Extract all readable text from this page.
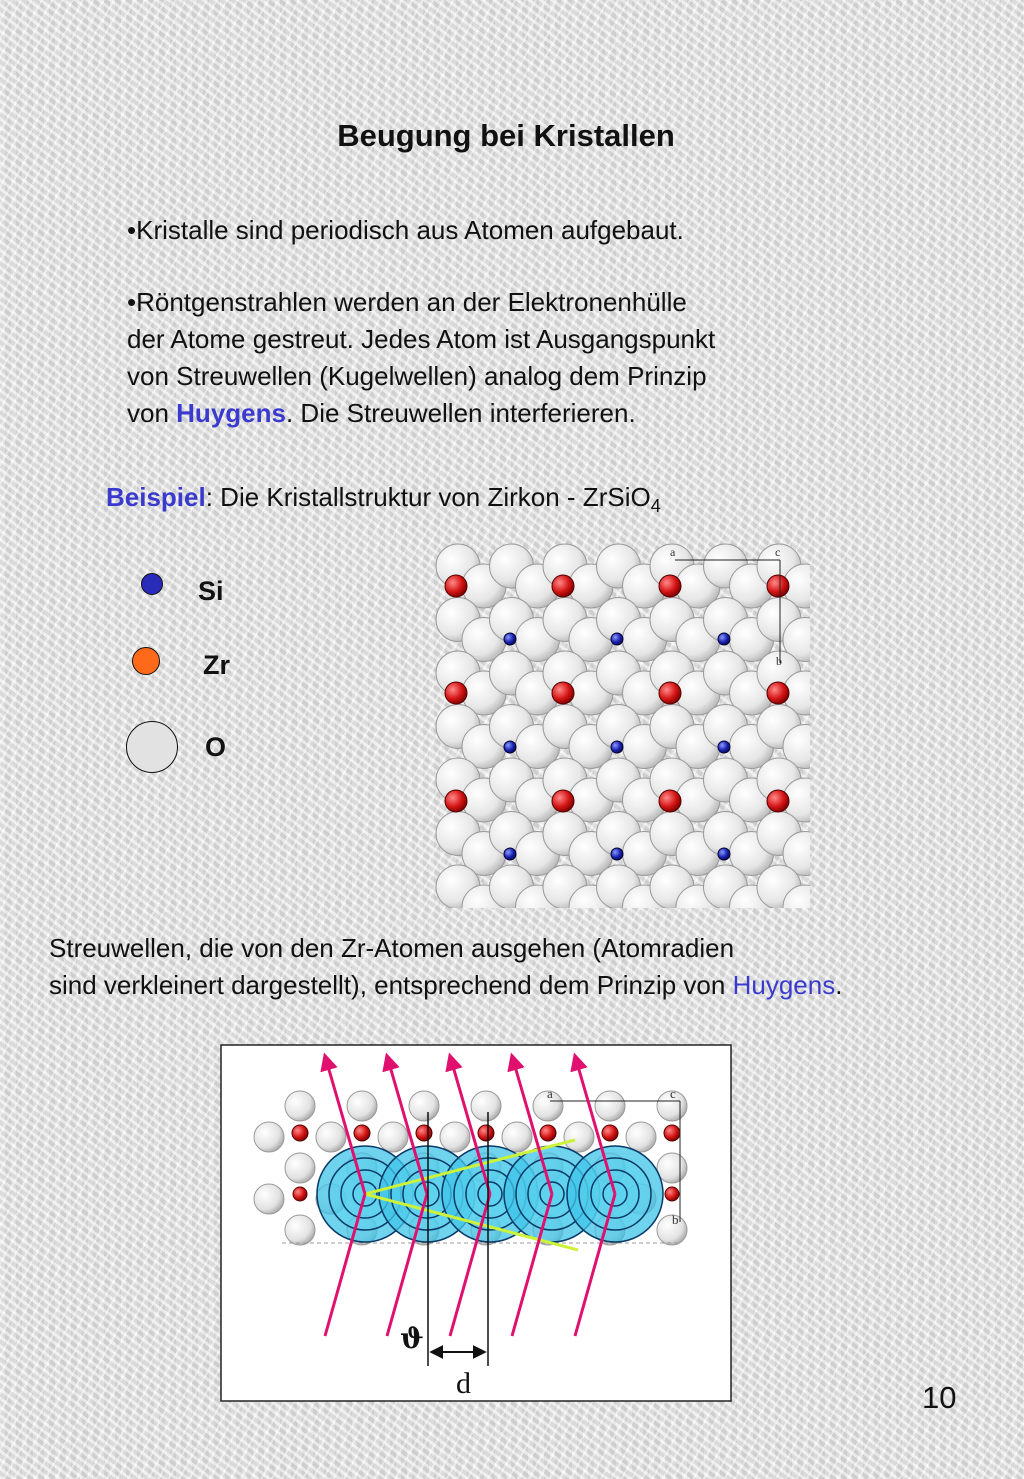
Beugung bei Kristallen
•Kristalle sind periodisch aus Atomen aufgebaut.
•Röntgenstrahlen werden an der Elektronenhülle
der Atome gestreut. Jedes Atom ist Ausgangspunkt
von Streuwellen (Kugelwellen) analog dem Prinzip
von Huygens. Die Streuwellen interferieren.
Beispiel: Die Kristallstruktur von Zirkon - ZrSiO$_4$
Si
Zr
O
a	c
b
Streuwellen, die von den Zr-Atomen ausgehen (Atomradien
sind verkleinert dargestellt), entsprechend dem Prinzip von Huygens.
a	c
b
ϑ
d	10
